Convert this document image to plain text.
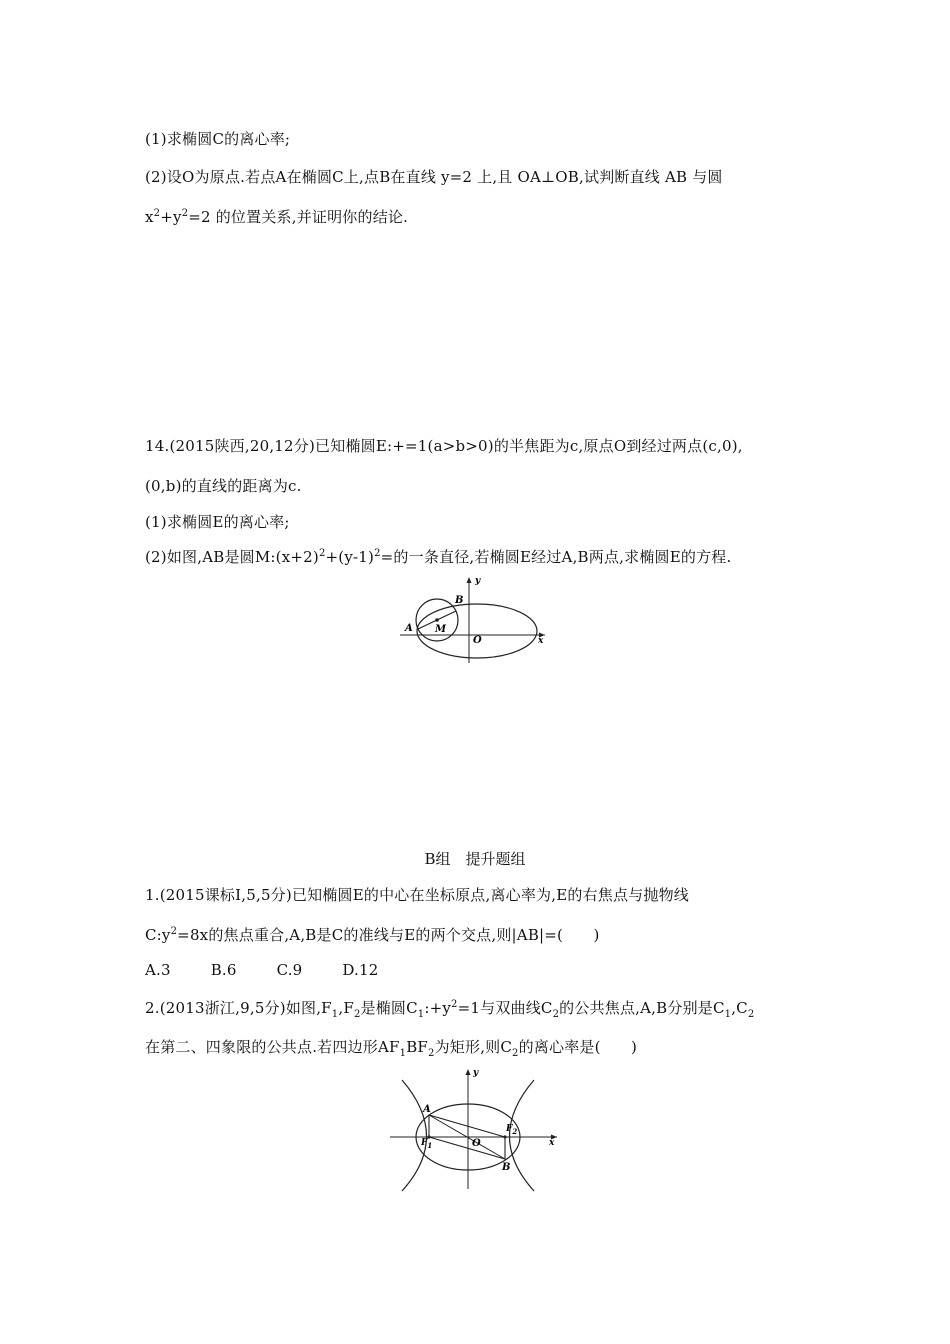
(1)求椭圆C的离心率;
(2)设O为原点.若点A在椭圆C上,点B在直线 y=2 上,且 OA⊥OB,试判断直线 AB 与圆
$x^2+y^2=2$ 的位置关系,并证明你的结论.
14.(2015陕西,20,12分)已知椭圆E:+=1(a>b>0)的半焦距为c,原点O到经过两点(c,0),
(0,b)的直线的距离为c.
(1)求椭圆E的离心率;
(2)如图,AB是圆$M:(x+2)^2+(y-1)^2=$的一条直径,若椭圆E经过A,B两点,求椭圆E的方程.
A
B
M
O
y
x
B组　提升题组
1.(2015课标Ⅰ,5,5分)已知椭圆E的中心在坐标原点,离心率为,E的右焦点与抛物线
$C:y^2=8x$的焦点重合,A,B是C的准线与E的两个交点,则|AB|=(　　)
A.3	B.6	C.9	D.12
2.(2013浙江,9,5分)如图$,F_1,F_2$是椭圆$C_1:+y^2=1$与双曲线$C_2$的公共焦点,A,B分别是$C_1,C_2$
在第二、四象限的公共点.若四边形$AF_1BF_2$为矩形,则$C_2$的离心率是(　　)
A
B
O
$F_1$
$F_2$
y
x
